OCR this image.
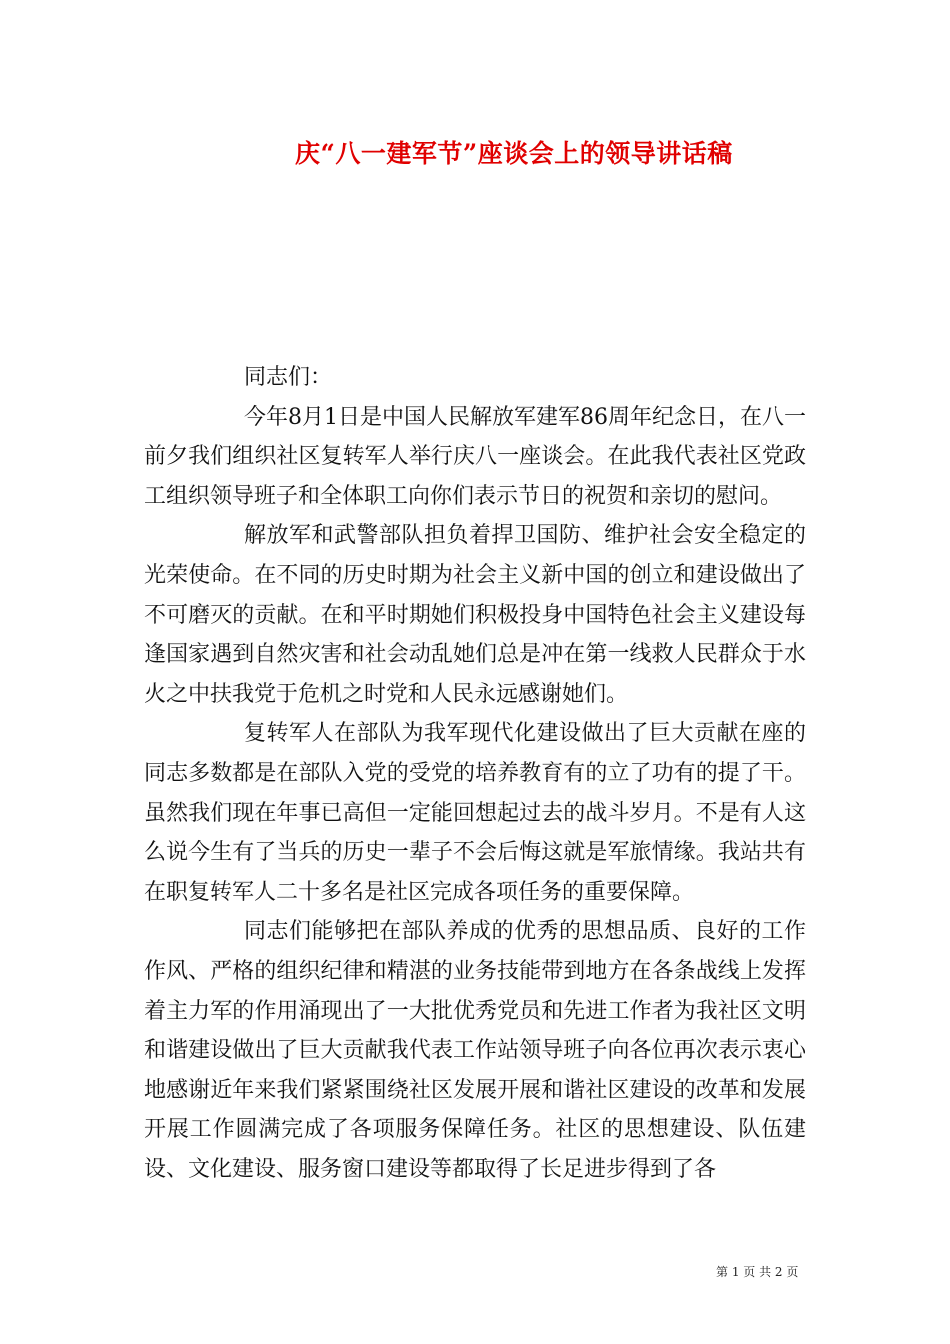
庆“八一建军节”座谈会上的领导讲话稿

同志们：

今年8月1日是中国人民解放军建军86周年纪念日，在八一前夕我们组织社区复转军人举行庆八一座谈会。在此我代表社区党政工组织领导班子和全体职工向你们表示节日的祝贺和亲切的慰问。

解放军和武警部队担负着捍卫国防、维护社会安全稳定的光荣使命。在不同的历史时期为社会主义新中国的创立和建设做出了不可磨灭的贡献。在和平时期她们积极投身中国特色社会主义建设每逢国家遇到自然灾害和社会动乱她们总是冲在第一线救人民群众于水火之中扶我党于危机之时党和人民永远感谢她们。

复转军人在部队为我军现代化建设做出了巨大贡献在座的同志多数都是在部队入党的受党的培养教育有的立了功有的提了干。虽然我们现在年事已高但一定能回想起过去的战斗岁月。不是有人这么说今生有了当兵的历史一辈子不会后悔这就是军旅情缘。我站共有在职复转军人二十多名是社区完成各项任务的重要保障。

同志们能够把在部队养成的优秀的思想品质、良好的工作作风、严格的组织纪律和精湛的业务技能带到地方在各条战线上发挥着主力军的作用涌现出了一大批优秀党员和先进工作者为我社区文明和谐建设做出了巨大贡献我代表工作站领导班子向各位再次表示衷心地感谢近年来我们紧紧围绕社区发展开展和谐社区建设的改革和发展开展工作圆满完成了各项服务保障任务。社区的思想建设、队伍建设、文化建设、服务窗口建设等都取得了长足进步得到了各

第 1 页 共 2 页
